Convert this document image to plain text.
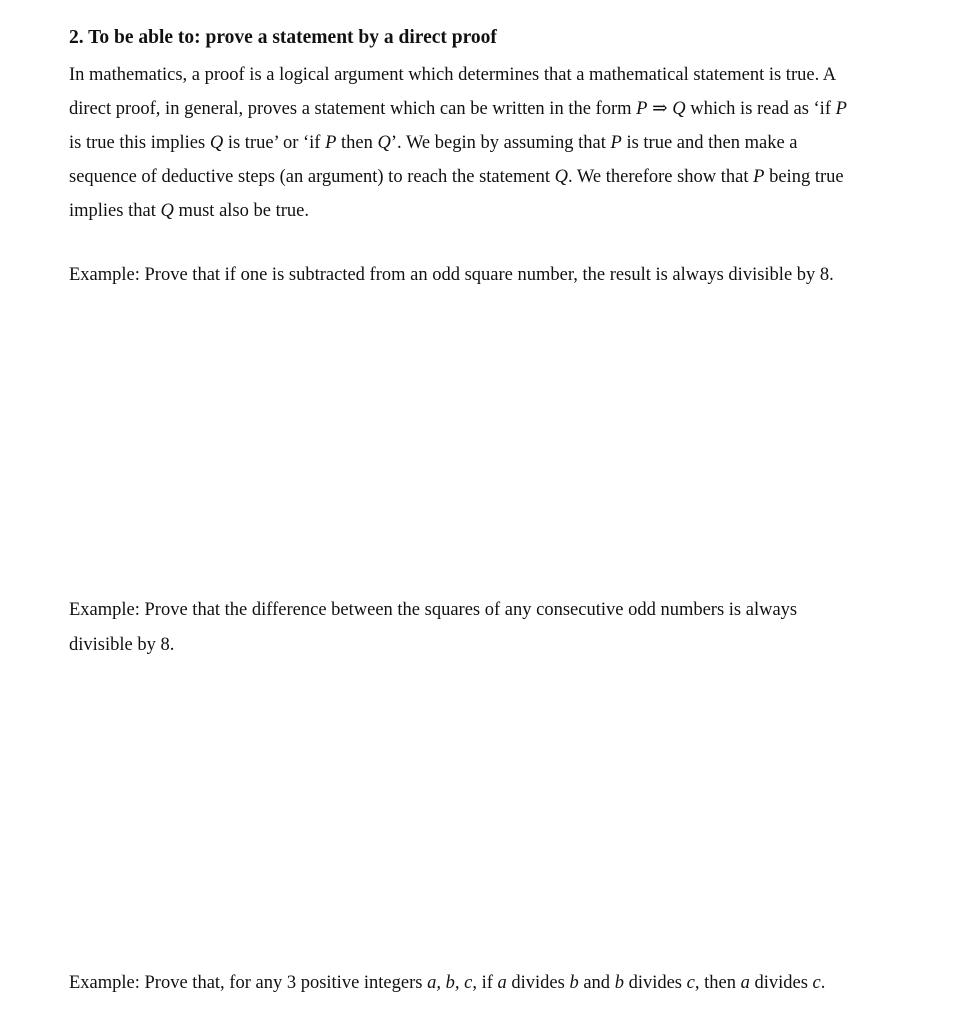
2. To be able to: prove a statement by a direct proof
In mathematics, a proof is a logical argument which determines that a mathematical statement is true. A
direct proof, in general, proves a statement which can be written in the form P ⇒ Q which is read as ‘if P
is true this implies Q is true’ or ‘if P then Q’. We begin by assuming that P is true and then make a
sequence of deductive steps (an argument) to reach the statement Q. We therefore show that P being true
implies that Q must also be true.
Example: Prove that if one is subtracted from an odd square number, the result is always divisible by 8.
Example: Prove that the difference between the squares of any consecutive odd numbers is always
divisible by 8.
Example: Prove that, for any 3 positive integers a, b, c, if a divides b and b divides c, then a divides c.
